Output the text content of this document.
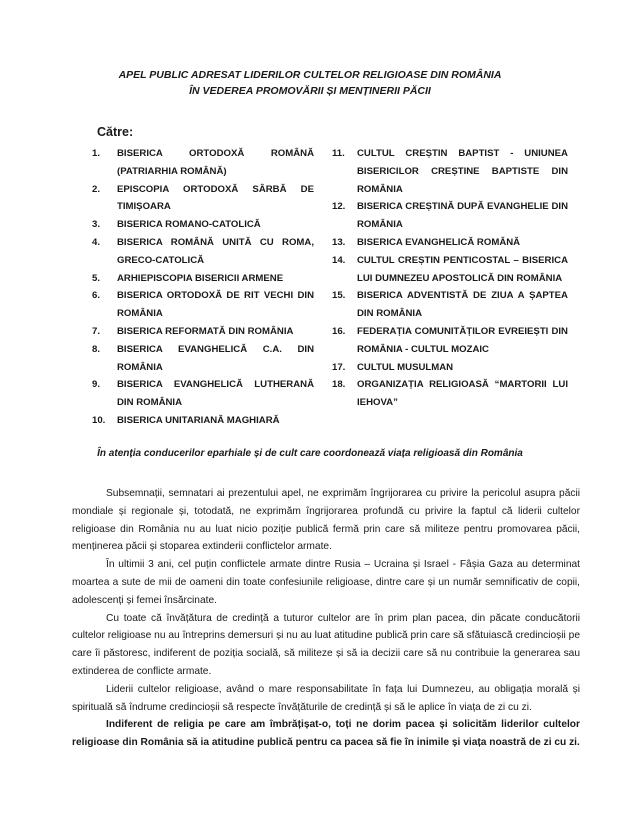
APEL PUBLIC ADRESAT LIDERILOR CULTELOR RELIGIOASE DIN ROMÂNIA
ÎN VEDEREA PROMOVĂRII ȘI MENȚINERII PĂCII
Către:
1.	BISERICA ORTODOXĂ ROMÂNĂ (PATRIARHIA ROMÂNĂ)
2.	EPISCOPIA ORTODOXĂ SÂRBĂ DE TIMIȘOARA
3.	BISERICA ROMANO-CATOLICĂ
4.	BISERICA ROMÂNĂ UNITĂ CU ROMA, GRECO-CATOLICĂ
5.	ARHIEPISCOPIA BISERICII ARMENE
6.	BISERICA ORTODOXĂ DE RIT VECHI DIN ROMÂNIA
7.	BISERICA REFORMATĂ DIN ROMÂNIA
8.	BISERICA EVANGHELICĂ C.A. DIN ROMÂNIA
9.	BISERICA EVANGHELICĂ LUTHERANĂ DIN ROMÂNIA
10.	BISERICA UNITARIANĂ MAGHIARĂ
11.	CULTUL CREȘTIN BAPTIST - UNIUNEA BISERICILOR CREȘTINE BAPTISTE DIN ROMÂNIA
12.	BISERICA CREȘTINĂ DUPĂ EVANGHELIE DIN ROMÂNIA
13.	BISERICA EVANGHELICĂ ROMÂNĂ
14.	CULTUL CREȘTIN PENTICOSTAL – BISERICA LUI DUMNEZEU APOSTOLICĂ DIN ROMÂNIA
15.	BISERICA ADVENTISTĂ DE ZIUA A ȘAPTEA DIN ROMÂNIA
16.	FEDERAȚIA COMUNITĂȚILOR EVREIEȘTI DIN ROMÂNIA - CULTUL MOZAIC
17.	CULTUL MUSULMAN
18.	ORGANIZAȚIA RELIGIOASĂ “MARTORII LUI IEHOVA”
În atenția conducerilor eparhiale și de cult care coordonează viața religioasă din România

Subsemnații, semnatari ai prezentului apel, ne exprimăm îngrijorarea cu privire la pericolul asupra păcii mondiale și regionale și, totodată, ne exprimăm îngrijorarea profundă cu privire la faptul că liderii cultelor religioase din România nu au luat nicio poziție publică fermă prin care să militeze pentru promovarea păcii, menținerea păcii și stoparea extinderii conflictelor armate.

În ultimii 3 ani, cel puțin conflictele armate dintre Rusia – Ucraina și Israel - Fâșia Gaza au determinat moartea a sute de mii de oameni din toate confesiunile religioase, dintre care și un număr semnificativ de copii, adolescenți și femei însărcinate.

Cu toate că învățătura de credință a tuturor cultelor are în prim plan pacea, din păcate conducătorii cultelor religioase nu au întreprins demersuri și nu au luat atitudine publică prin care să sfătuiască credincioșii pe care îi păstoresc, indiferent de poziția socială, să militeze și să ia decizii care să nu contribuie la generarea sau extinderea de conflicte armate.

Liderii cultelor religioase, având o mare responsabilitate în fața lui Dumnezeu, au obligația morală și spirituală să îndrume credincioșii să respecte învățăturile de credință și să le aplice în viața de zi cu zi.

Indiferent de religia pe care am îmbrățișat-o, toți ne dorim pacea și solicităm liderilor cultelor religioase din România să ia atitudine publică pentru ca pacea să fie în inimile și viața noastră de zi cu zi.
